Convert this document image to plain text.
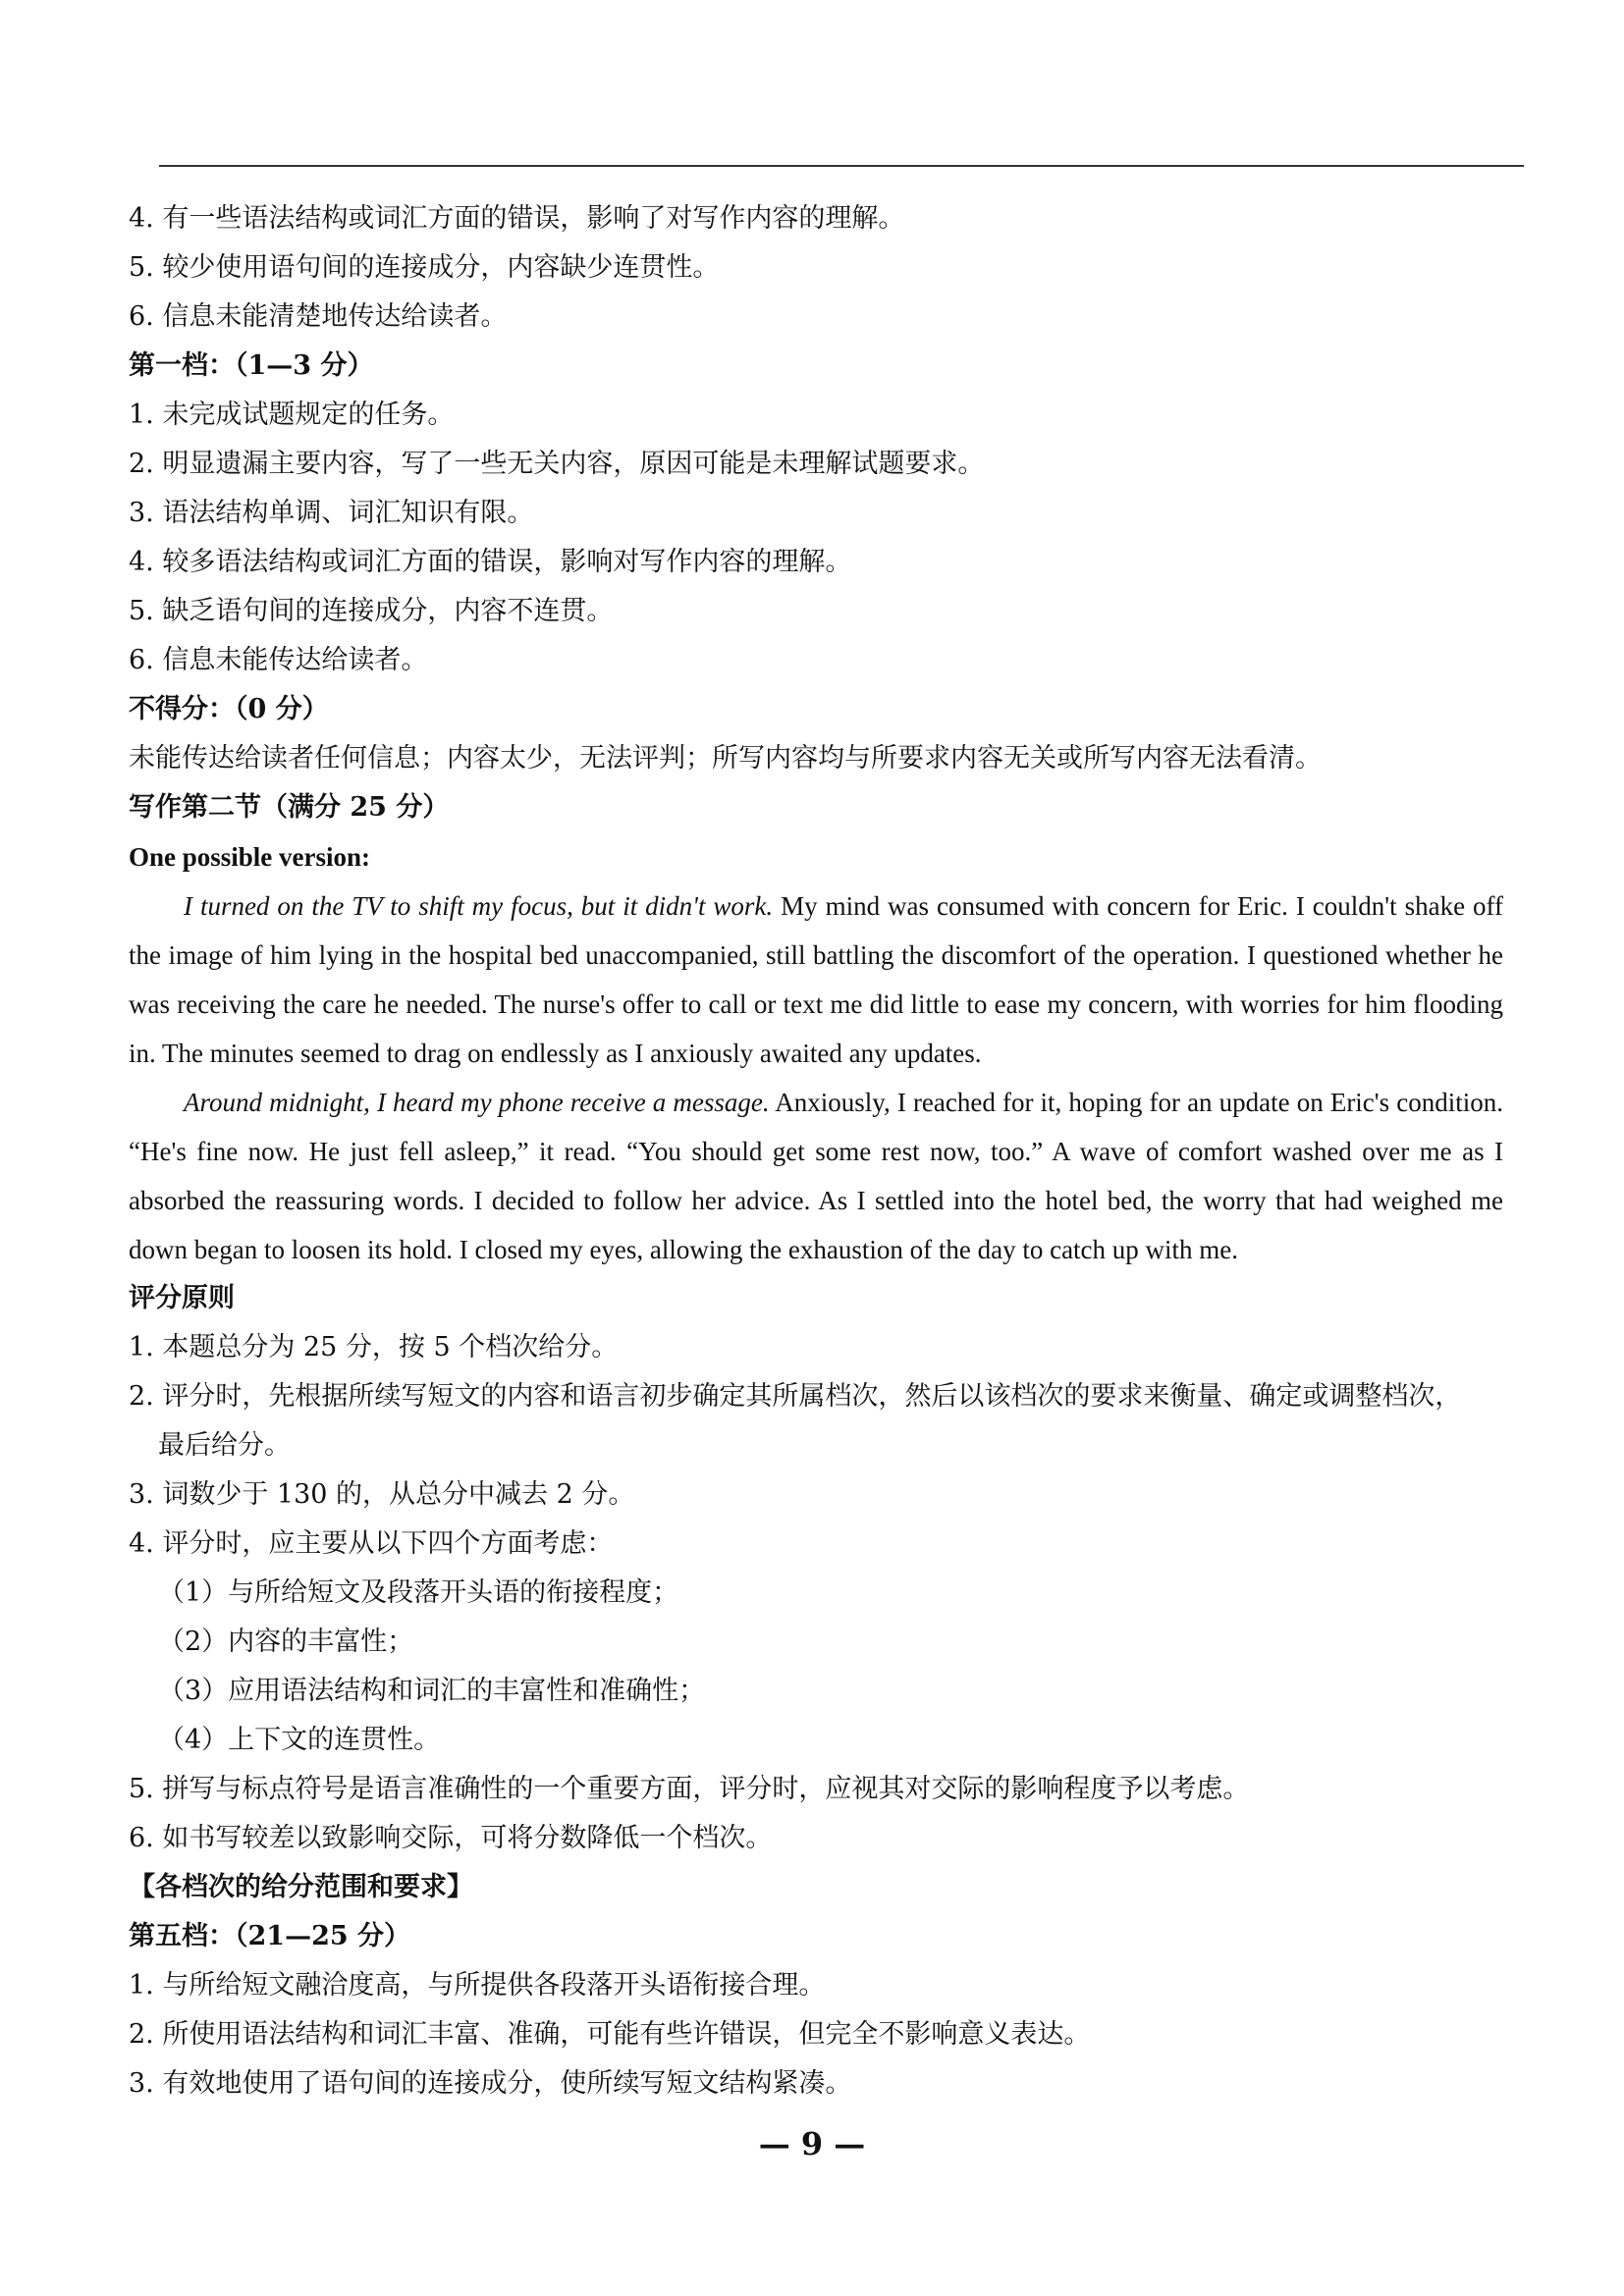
4. 有一些语法结构或词汇方面的错误，影响了对写作内容的理解。
5. 较少使用语句间的连接成分，内容缺少连贯性。
6. 信息未能清楚地传达给读者。
第一档：（1—3 分）
1. 未完成试题规定的任务。
2. 明显遗漏主要内容，写了一些无关内容，原因可能是未理解试题要求。
3. 语法结构单调、词汇知识有限。
4. 较多语法结构或词汇方面的错误，影响对写作内容的理解。
5. 缺乏语句间的连接成分，内容不连贯。
6. 信息未能传达给读者。
不得分：（0 分）
未能传达给读者任何信息；内容太少，无法评判；所写内容均与所要求内容无关或所写内容无法看清。
写作第二节（满分 25 分）
One possible version:

I turned on the TV to shift my focus, but it didn't work. My mind was consumed with concern for Eric. I couldn't shake off the image of him lying in the hospital bed unaccompanied, still battling the discomfort of the operation. I questioned whether he was receiving the care he needed. The nurse's offer to call or text me did little to ease my concern, with worries for him flooding in. The minutes seemed to drag on endlessly as I anxiously awaited any updates.

Around midnight, I heard my phone receive a message. Anxiously, I reached for it, hoping for an update on Eric's condition. “He's fine now. He just fell asleep,” it read. “You should get some rest now, too.” A wave of comfort washed over me as I absorbed the reassuring words. I decided to follow her advice. As I settled into the hotel bed, the worry that had weighed me down began to loosen its hold. I closed my eyes, allowing the exhaustion of the day to catch up with me.

评分原则
1. 本题总分为 25 分，按 5 个档次给分。
2. 评分时，先根据所续写短文的内容和语言初步确定其所属档次，然后以该档次的要求来衡量、确定或调整档次，
最后给分。
3. 词数少于 130 的，从总分中减去 2 分。
4. 评分时，应主要从以下四个方面考虑：
（1）与所给短文及段落开头语的衔接程度；
（2）内容的丰富性；
（3）应用语法结构和词汇的丰富性和准确性；
（4）上下文的连贯性。
5. 拼写与标点符号是语言准确性的一个重要方面，评分时，应视其对交际的影响程度予以考虑。
6. 如书写较差以致影响交际，可将分数降低一个档次。
【各档次的给分范围和要求】
第五档：（21—25 分）
1. 与所给短文融洽度高，与所提供各段落开头语衔接合理。
2. 所使用语法结构和词汇丰富、准确，可能有些许错误，但完全不影响意义表达。
3. 有效地使用了语句间的连接成分，使所续写短文结构紧凑。
— 9 —
